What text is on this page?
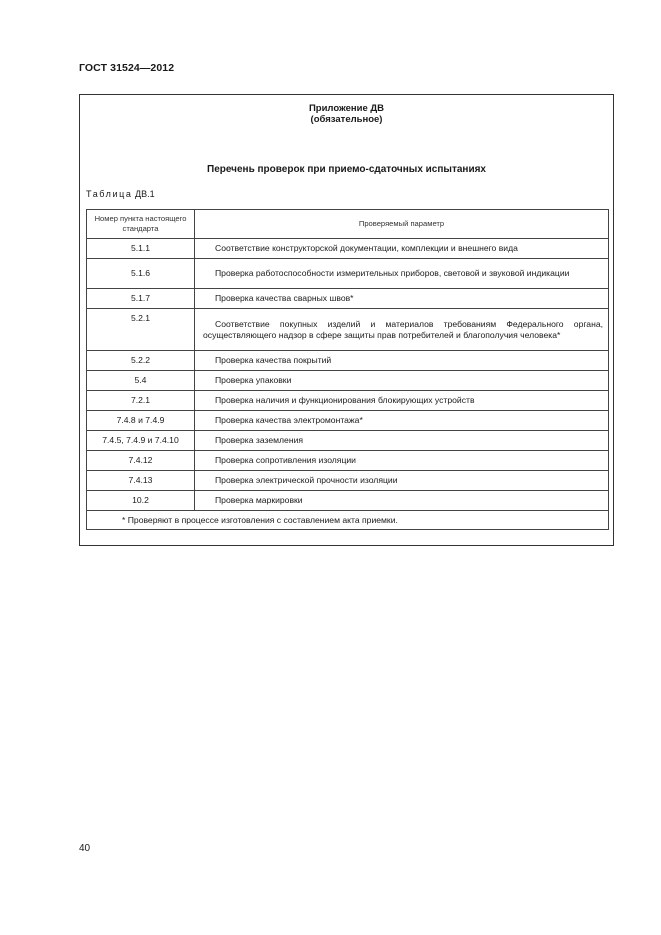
ГОСТ 31524—2012
Приложение ДВ
(обязательное)
Перечень проверок при приемо-сдаточных испытаниях
Таблица ДВ.1
Номер пункта настоящего стандарта	Проверяемый параметр
5.1.1	Соответствие конструкторской документации, комплекции и внешнего вида
5.1.6	Проверка работоспособности измерительных приборов, световой и звуковой индикации
5.1.7	Проверка качества сварных швов*
5.2.1	Соответствие покупных изделий и материалов требованиям Федерального органа, осуществляющего надзор в сфере защиты прав потребителей и благополучия человека*
5.2.2	Проверка качества покрытий
5.4	Проверка упаковки
7.2.1	Проверка наличия и функционирования блокирующих устройств
7.4.8 и 7.4.9	Проверка качества электромонтажа*
7.4.5, 7.4.9 и 7.4.10	Проверка заземления
7.4.12	Проверка сопротивления изоляции
7.4.13	Проверка электрической прочности изоляции
10.2	Проверка маркировки
* Проверяют в процессе изготовления с составлением акта приемки.	
40
